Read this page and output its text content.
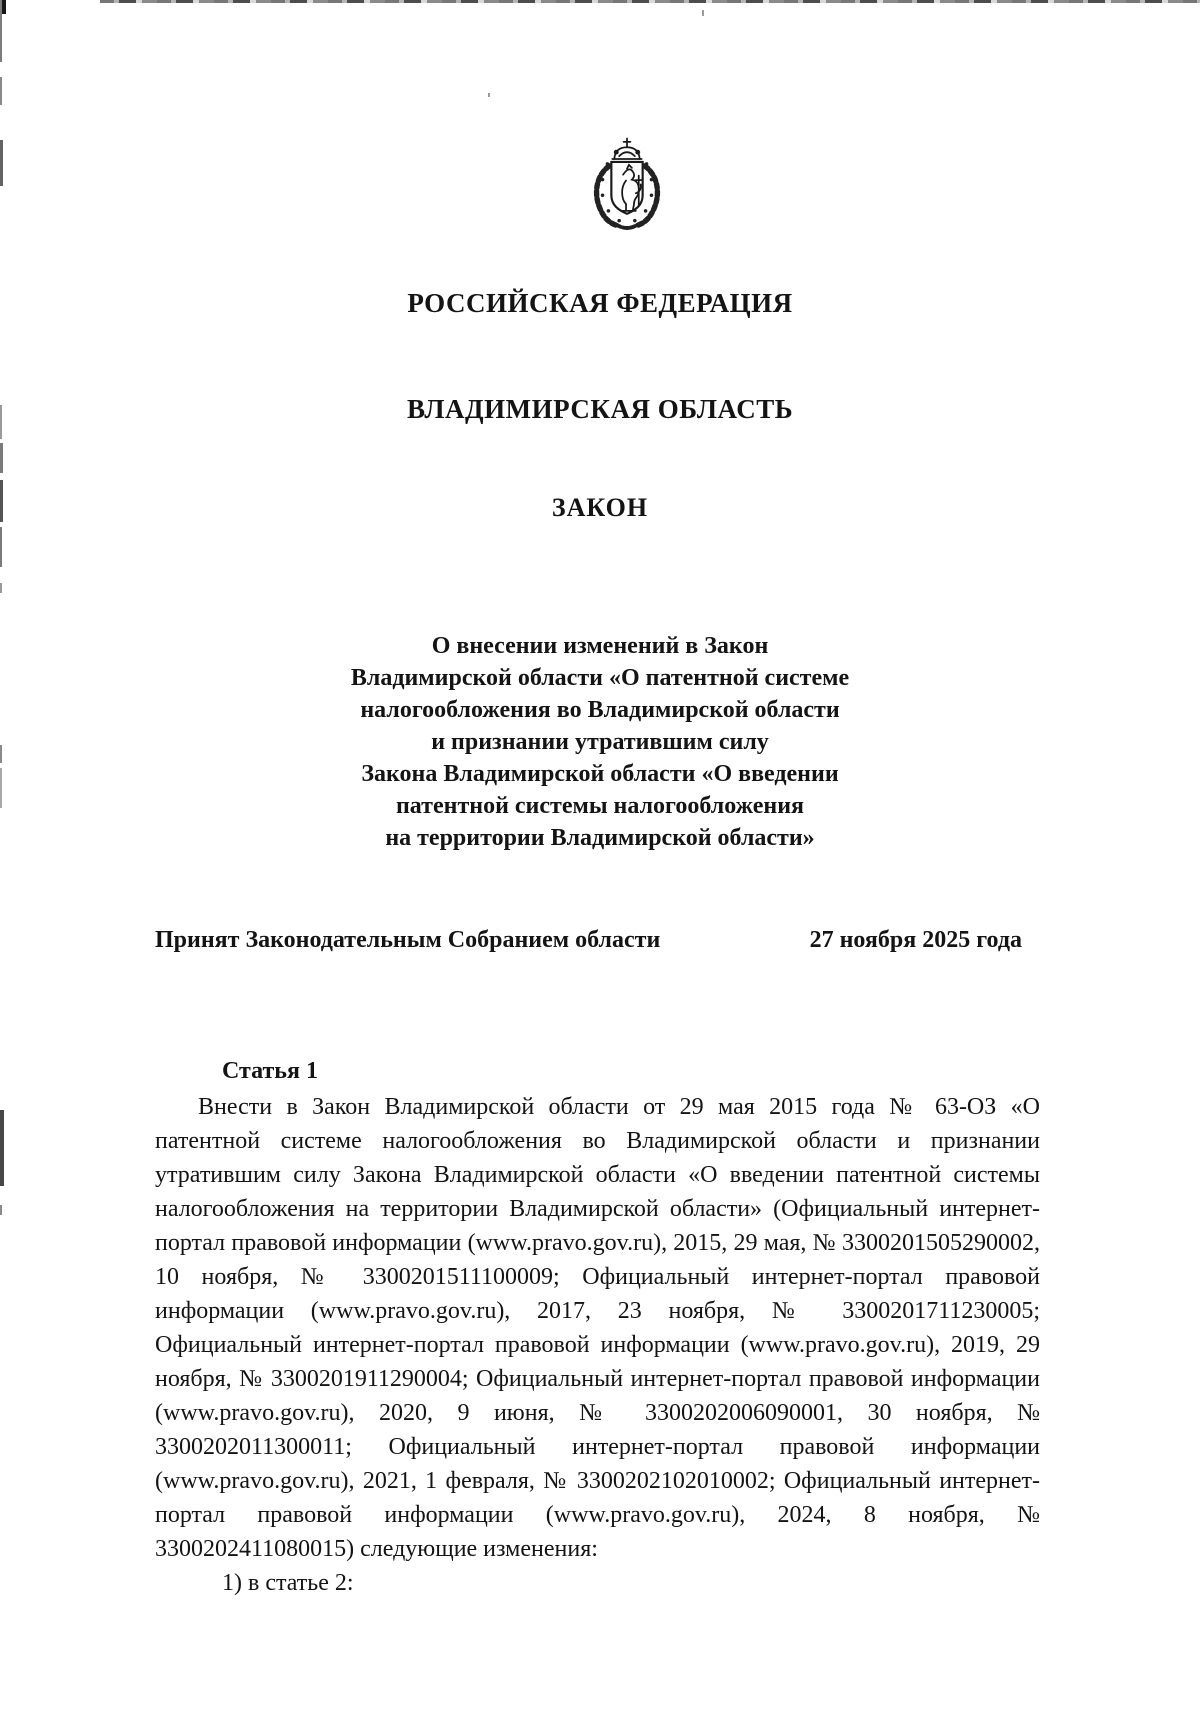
РОССИЙСКАЯ ФЕДЕРАЦИЯ
ВЛАДИМИРСКАЯ ОБЛАСТЬ
ЗАКОН
О внесении изменений в Закон
Владимирской области «О патентной системе
налогообложения во Владимирской области
и признании утратившим силу
Закона Владимирской области «О введении
патентной системы налогообложения
на территории Владимирской области»
Принят Законодательным Собранием области	27 ноября 2025 года
Статья 1

Внести в Закон Владимирской области от 29 мая 2015 года № 63-ОЗ «О патентной системе налогообложения во Владимирской области и признании утратившим силу Закона Владимирской области «О введении патентной системы налогообложения на территории Владимирской области» (Официальный интернет-портал правовой информации (www.pravo.gov.ru), 2015, 29 мая, № 3300201505290002, 10 ноября, № 3300201511100009; Официальный интернет-портал правовой информации (www.pravo.gov.ru), 2017, 23 ноября, № 3300201711230005; Официальный интернет-портал правовой информации (www.pravo.gov.ru), 2019, 29 ноября, № 3300201911290004; Официальный интернет-портал правовой информации (www.pravo.gov.ru), 2020, 9 июня, № 3300202006090001, 30 ноября, № 3300202011300011; Официальный интернет-портал правовой информации (www.pravo.gov.ru), 2021, 1 февраля, № 3300202102010002; Официальный интернет-портал правовой информации (www.pravo.gov.ru), 2024, 8 ноября, № 3300202411080015) следующие изменения:

1) в статье 2:
